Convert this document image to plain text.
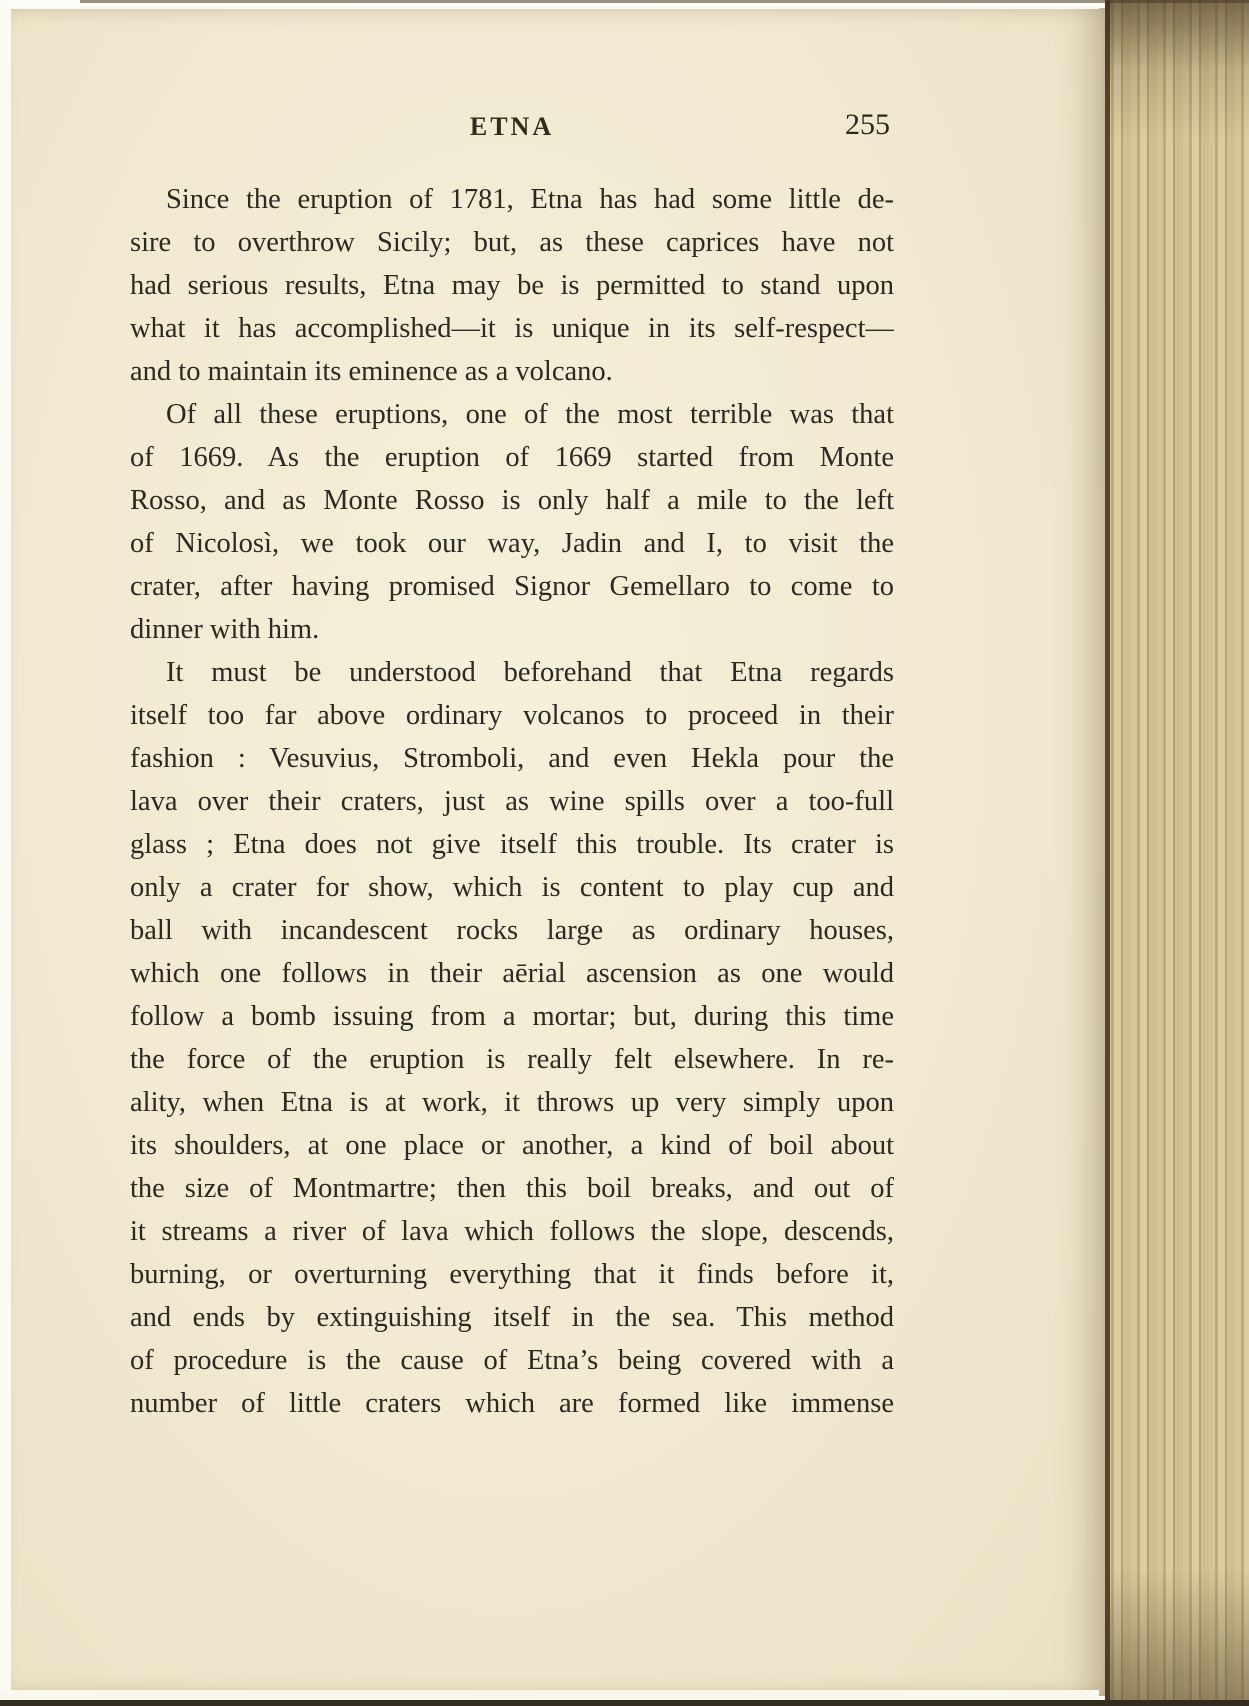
ETNA	255
Since the eruption of 1781, Etna has had some little de-
sire to overthrow Sicily; but, as these caprices have not
had serious results, Etna may be is permitted to stand upon
what it has accomplished—it is unique in its self-respect—
and to maintain its eminence as a volcano.
Of all these eruptions, one of the most terrible was that
of 1669. As the eruption of 1669 started from Monte
Rosso, and as Monte Rosso is only half a mile to the left
of Nicolosì, we took our way, Jadin and I, to visit the
crater, after having promised Signor Gemellaro to come to
dinner with him.
It must be understood beforehand that Etna regards
itself too far above ordinary volcanos to proceed in their
fashion : Vesuvius, Stromboli, and even Hekla pour the
lava over their craters, just as wine spills over a too-full
glass ; Etna does not give itself this trouble. Its crater is
only a crater for show, which is content to play cup and
ball with incandescent rocks large as ordinary houses,
which one follows in their aērial ascension as one would
follow a bomb issuing from a mortar; but, during this time
the force of the eruption is really felt elsewhere. In re-
ality, when Etna is at work, it throws up very simply upon
its shoulders, at one place or another, a kind of boil about
the size of Montmartre; then this boil breaks, and out of
it streams a river of lava which follows the slope, descends,
burning, or overturning everything that it finds before it,
and ends by extinguishing itself in the sea. This method
of procedure is the cause of Etna’s being covered with a
number of little craters which are formed like immense
